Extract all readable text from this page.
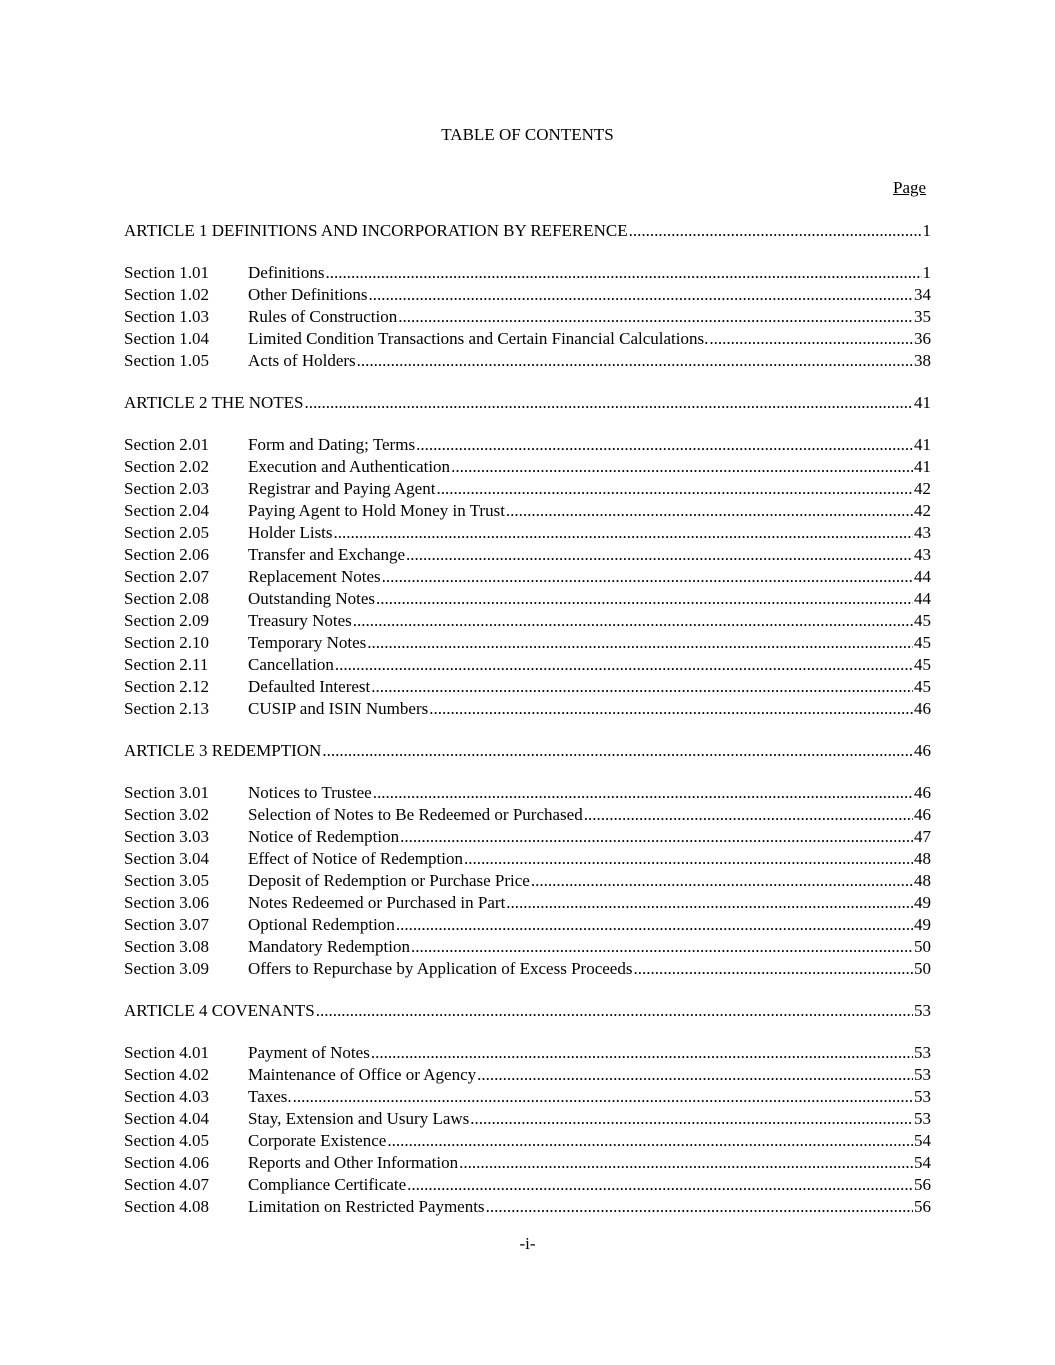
TABLE OF CONTENTS
Page
ARTICLE 1 DEFINITIONS AND INCORPORATION BY REFERENCE .....	1
Section 1.01	Definitions .....	1
Section 1.02	Other Definitions .....	34
Section 1.03	Rules of Construction .....	35
Section 1.04	Limited Condition Transactions and Certain Financial Calculations. .....	36
Section 1.05	Acts of Holders .....	38
ARTICLE 2 THE NOTES .....	41
Section 2.01	Form and Dating; Terms .....	41
Section 2.02	Execution and Authentication .....	41
Section 2.03	Registrar and Paying Agent .....	42
Section 2.04	Paying Agent to Hold Money in Trust .....	42
Section 2.05	Holder Lists .....	43
Section 2.06	Transfer and Exchange .....	43
Section 2.07	Replacement Notes .....	44
Section 2.08	Outstanding Notes .....	44
Section 2.09	Treasury Notes .....	45
Section 2.10	Temporary Notes .....	45
Section 2.11	Cancellation .....	45
Section 2.12	Defaulted Interest .....	45
Section 2.13	CUSIP and ISIN Numbers .....	46
ARTICLE 3 REDEMPTION .....	46
Section 3.01	Notices to Trustee .....	46
Section 3.02	Selection of Notes to Be Redeemed or Purchased .....	46
Section 3.03	Notice of Redemption .....	47
Section 3.04	Effect of Notice of Redemption .....	48
Section 3.05	Deposit of Redemption or Purchase Price .....	48
Section 3.06	Notes Redeemed or Purchased in Part .....	49
Section 3.07	Optional Redemption .....	49
Section 3.08	Mandatory Redemption .....	50
Section 3.09	Offers to Repurchase by Application of Excess Proceeds .....	50
ARTICLE 4 COVENANTS .....	53
Section 4.01	Payment of Notes .....	53
Section 4.02	Maintenance of Office or Agency .....	53
Section 4.03	Taxes. .....	53
Section 4.04	Stay, Extension and Usury Laws .....	53
Section 4.05	Corporate Existence .....	54
Section 4.06	Reports and Other Information .....	54
Section 4.07	Compliance Certificate .....	56
Section 4.08	Limitation on Restricted Payments .....	56
-i-
